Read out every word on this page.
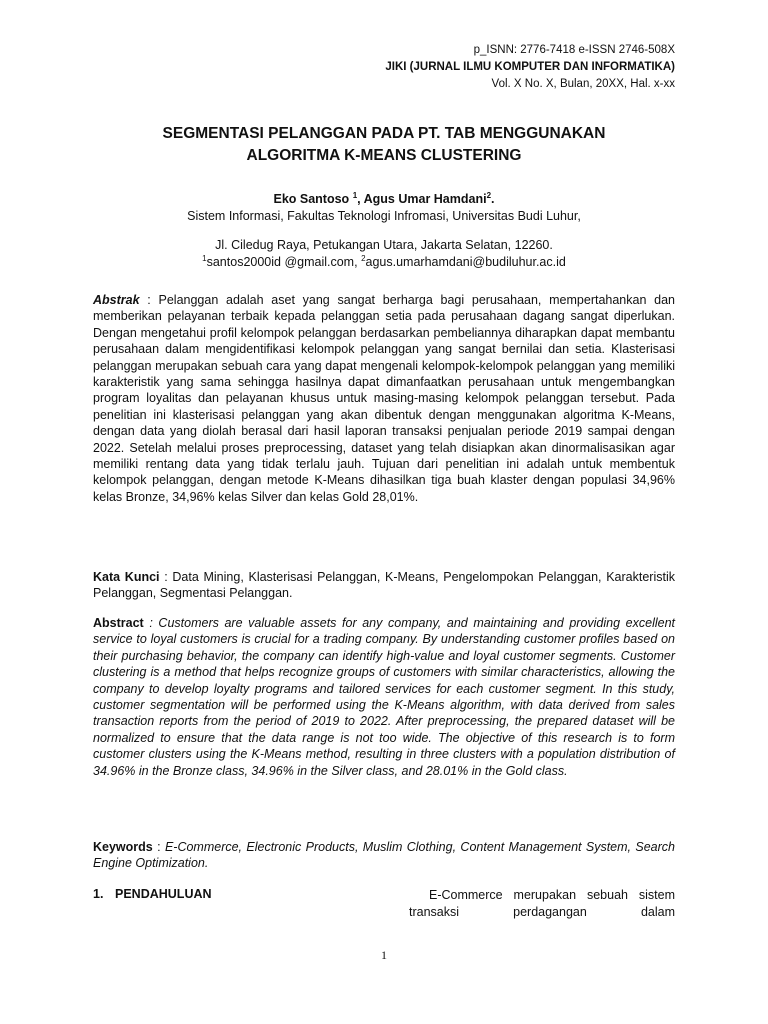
p_ISNN: 2776-7418 e-ISSN 2746-508X
JIKI (JURNAL ILMU KOMPUTER DAN INFORMATIKA)
Vol. X No. X, Bulan, 20XX, Hal. x-xx
SEGMENTASI PELANGGAN PADA PT. TAB MENGGUNAKAN
ALGORITMA K-MEANS CLUSTERING
Eko Santoso $^1$, Agus Umar Hamdani$^2$.
Sistem Informasi, Fakultas Teknologi Infromasi, Universitas Budi Luhur,
Jl. Ciledug Raya, Petukangan Utara, Jakarta Selatan, 12260.
$^1$santos2000id @gmail.com, $^2$agus.umarhamdani@budiluhur.ac.id
Abstrak : Pelanggan adalah aset yang sangat berharga bagi perusahaan, mempertahankan dan memberikan pelayanan terbaik kepada pelanggan setia pada perusahaan dagang sangat diperlukan. Dengan mengetahui profil kelompok pelanggan berdasarkan pembeliannya diharapkan dapat membantu perusahaan dalam mengidentifikasi kelompok pelanggan yang sangat bernilai dan setia. Klasterisasi pelanggan merupakan sebuah cara yang dapat mengenali kelompok-kelompok pelanggan yang memiliki karakteristik yang sama sehingga hasilnya dapat dimanfaatkan perusahaan untuk mengembangkan program loyalitas dan pelayanan khusus untuk masing-masing kelompok pelanggan tersebut. Pada penelitian ini klasterisasi pelanggan yang akan dibentuk dengan menggunakan algoritma K-Means, dengan data yang diolah berasal dari hasil laporan transaksi penjualan periode 2019 sampai dengan 2022. Setelah melalui proses preprocessing, dataset yang telah disiapkan akan dinormalisasikan agar memiliki rentang data yang tidak terlalu jauh. Tujuan dari penelitian ini adalah untuk membentuk kelompok pelanggan, dengan metode K-Means dihasilkan tiga buah klaster dengan populasi 34,96% kelas Bronze, 34,96% kelas Silver dan kelas Gold 28,01%.
Kata Kunci : Data Mining, Klasterisasi Pelanggan, K-Means, Pengelompokan Pelanggan, Karakteristik Pelanggan, Segmentasi Pelanggan.
Abstract : Customers are valuable assets for any company, and maintaining and providing excellent service to loyal customers is crucial for a trading company. By understanding customer profiles based on their purchasing behavior, the company can identify high-value and loyal customer segments. Customer clustering is a method that helps recognize groups of customers with similar characteristics, allowing the company to develop loyalty programs and tailored services for each customer segment. In this study, customer segmentation will be performed using the K-Means algorithm, with data derived from sales transaction reports from the period of 2019 to 2022. After preprocessing, the prepared dataset will be normalized to ensure that the data range is not too wide. The objective of this research is to form customer clusters using the K-Means method, resulting in three clusters with a population distribution of 34.96% in the Bronze class, 34.96% in the Silver class, and 28.01% in the Gold class.
Keywords : E-Commerce, Electronic Products, Muslim Clothing, Content Management System, Search Engine Optimization.
1. PENDAHULUAN	E-Commerce merupakan sebuah sistem transaksi perdagangan dalam
1
